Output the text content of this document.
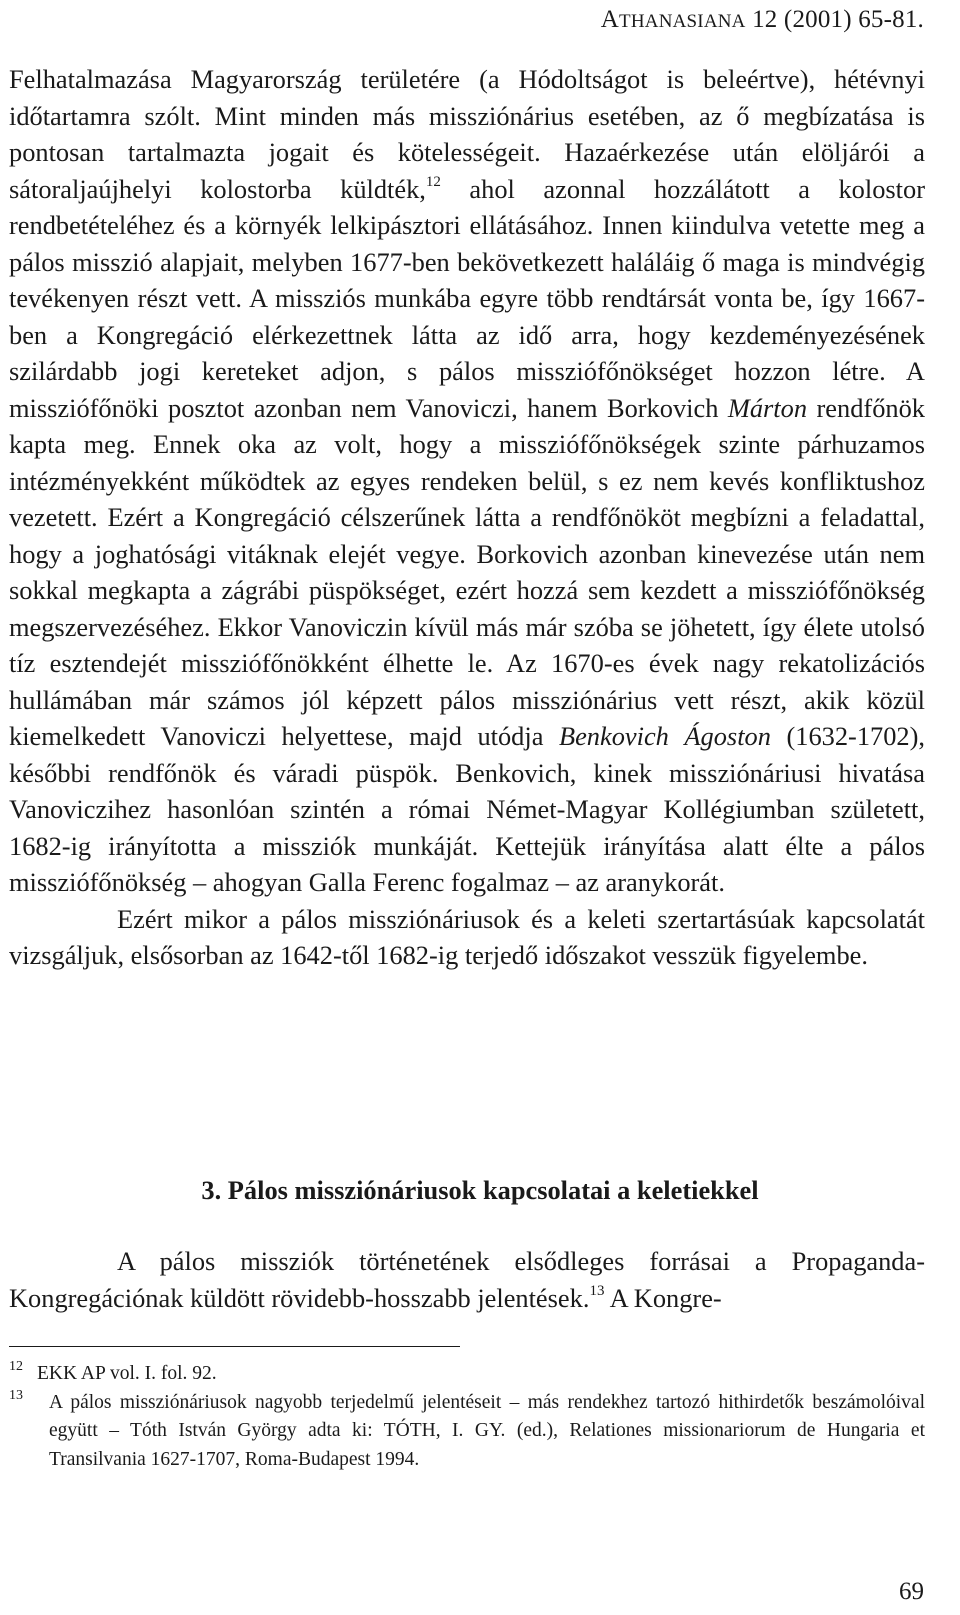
ATHANASIANA 12 (2001) 65-81.

Felhatalmazása Magyarország területére (a Hódoltságot is beleértve), hétévnyi időtartamra szólt. Mint minden más missziónárius esetében, az ő megbízatása is pontosan tartalmazta jogait és kötelességeit. Hazaérkezése után elöljárói a sátoraljaújhelyi kolostorba küldték,$^{12}$ ahol azonnal hozzálátott a kolostor rendbetételéhez és a környék lelkipásztori ellátásához. Innen kiindulva vetette meg a pálos misszió alapjait, melyben 1677-ben bekövetkezett haláláig ő maga is mindvégig tevékenyen részt vett. A missziós munkába egyre több rendtársát vonta be, így 1667-ben a Kongregáció elérkezettnek látta az idő arra, hogy kezdeményezésének szilárdabb jogi kereteket adjon, s pálos missziófőnökséget hozzon létre. A missziófőnöki posztot azonban nem Vanoviczi, hanem Borkovich Márton rendfőnök kapta meg. Ennek oka az volt, hogy a missziófőnökségek szinte párhuzamos intézményekként működtek az egyes rendeken belül, s ez nem kevés konfliktushoz vezetett. Ezért a Kongregáció célszerűnek látta a rendfőnököt megbízni a feladattal, hogy a joghatósági vitáknak elejét vegye. Borkovich azonban kinevezése után nem sokkal megkapta a zágrábi püspökséget, ezért hozzá sem kezdett a missziófőnökség megszervezéséhez. Ekkor Vanoviczin kívül más már szóba se jöhetett, így élete utolsó tíz esztendejét missziófőnökként élhette le. Az 1670-es évek nagy rekatolizációs hullámában már számos jól képzett pálos missziónárius vett részt, akik közül kiemelkedett Vanoviczi helyettese, majd utódja Benkovich Ágoston (1632-1702), későbbi rendfőnök és váradi püspök. Benkovich, kinek missziónáriusi hivatása Vanoviczihez hasonlóan szintén a római Német-Magyar Kollégiumban született, 1682-ig irányította a missziók munkáját. Kettejük irányítása alatt élte a pálos missziófőnökség – ahogyan Galla Ferenc fogalmaz – az aranykorát.

Ezért mikor a pálos missziónáriusok és a keleti szertartásúak kapcsolatát vizsgáljuk, elsősorban az 1642-től 1682-ig terjedő időszakot vesszük figyelembe.

3. Pálos missziónáriusok kapcsolatai a keletiekkel

A pálos missziók történetének elsődleges forrásai a Propaganda-Kongregációnak küldött rövidebb-hosszabb jelentések.$^{13}$ A Kongre-

12 EKK AP vol. I. fol. 92.

13 A pálos missziónáriusok nagyobb terjedelmű jelentéseit – más rendekhez tartozó hithirdetők beszámolóival együtt – Tóth István György adta ki: TÓTH, I. GY. (ed.), Relationes missionariorum de Hungaria et Transilvania 1627-1707, Roma-Budapest 1994.

69
